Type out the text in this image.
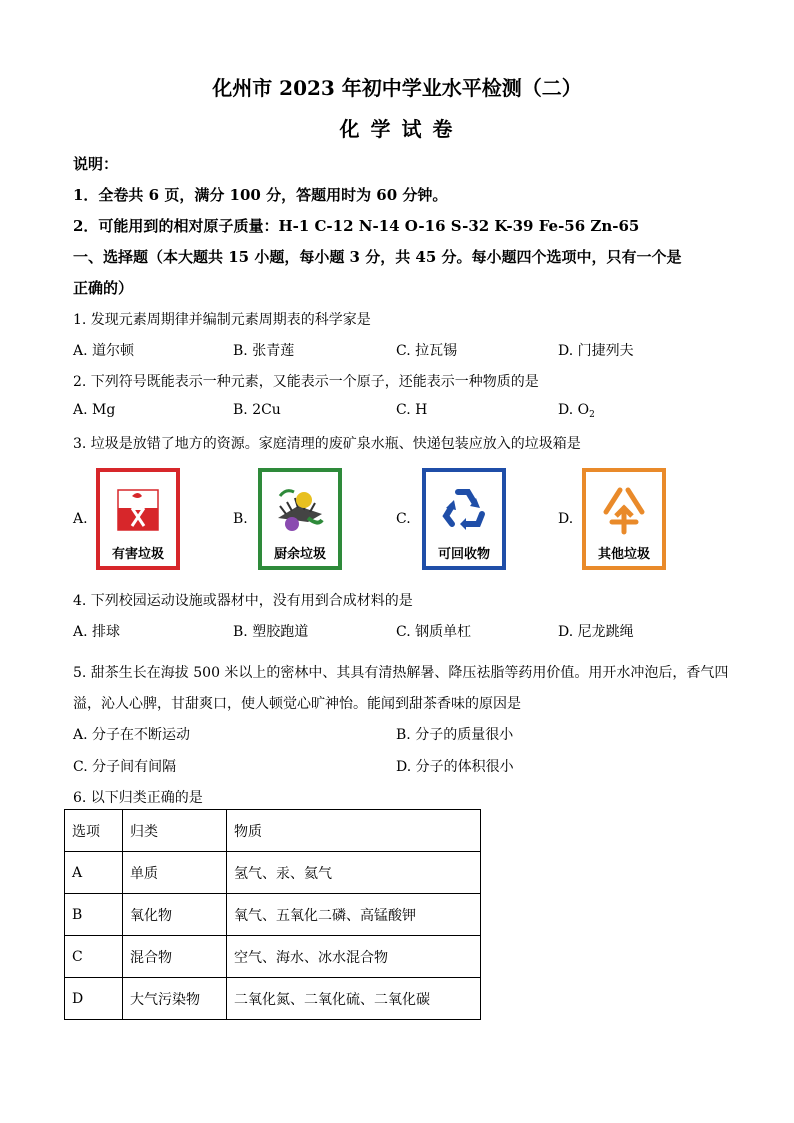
化州市 2023 年初中学业水平检测（二）
化 学 试 卷
说明：
1．全卷共 6 页，满分 100 分，答题用时为 60 分钟。
2．可能用到的相对原子质量：H-1 C-12 N-14 O-16 S-32 K-39 Fe-56 Zn-65
一、选择题（本大题共 15 小题，每小题 3 分，共 45 分。每小题四个选项中，只有一个是
正确的）
1. 发现元素周期律并编制元素周期表的科学家是
A. 道尔顿	B. 张青莲	C. 拉瓦锡	D. 门捷列夫
2. 下列符号既能表示一种元素，又能表示一个原子，还能表示一种物质的是
A. Mg	B. 2Cu	C. H	D. $O_2$
3. 垃圾是放错了地方的资源。家庭清理的废矿泉水瓶、快递包装应放入的垃圾箱是
A.	B.	C.	D.
有害垃圾	厨余垃圾	可回收物	其他垃圾
4. 下列校园运动设施或器材中，没有用到合成材料的是
A. 排球	B. 塑胶跑道	C. 钢质单杠	D. 尼龙跳绳
5. 甜茶生长在海拔 500 米以上的密林中、其具有清热解暑、降压祛脂等药用价值。用开水冲泡后，香气四
溢，沁人心脾，甘甜爽口，使人顿觉心旷神怡。能闻到甜茶香味的原因是
A. 分子在不断运动	B. 分子的质量很小
C. 分子间有间隔	D. 分子的体积很小
6. 以下归类正确的是
选项	归类	物质
A	单质	氢气、汞、氦气
B	氧化物	氧气、五氧化二磷、高锰酸钾
C	混合物	空气、海水、冰水混合物
D	大气污染物	二氧化氮、二氧化硫、二氧化碳
